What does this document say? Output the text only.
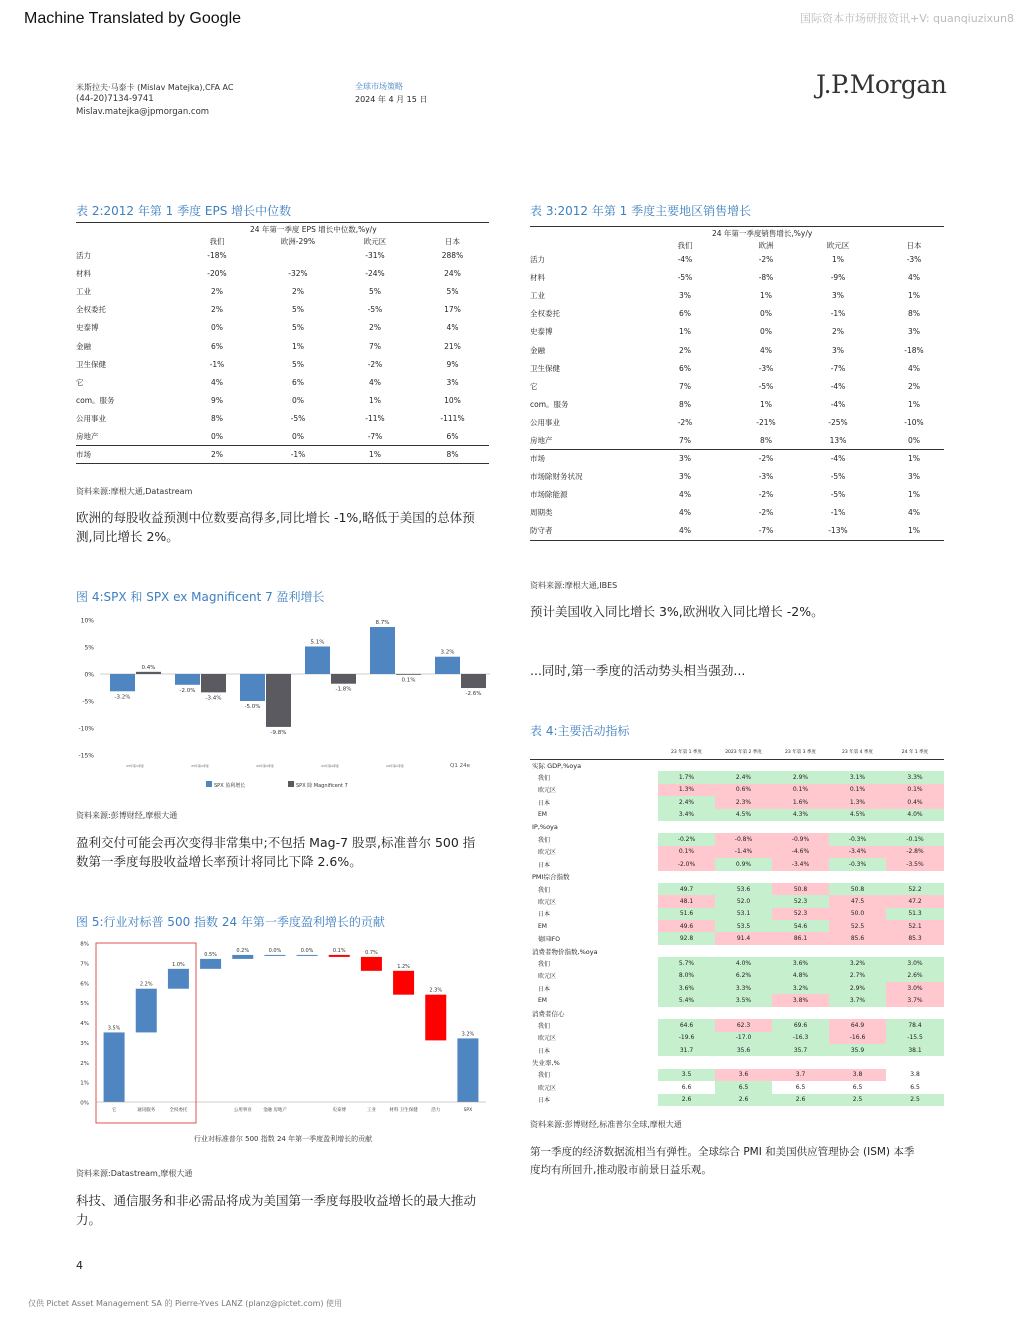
Machine Translated by Google	国际资本市场研报资讯+V: quanqiuzixun8
米斯拉夫·马泰卡 (Mislav Matejka),CFA AC
(44-20)7134-9741
Mislav.matejka@jpmorgan.com
全球市场策略
2024 年 4 月 15 日
J.P.Morgan
表 2:2012 年第 1 季度 EPS 增长中位数
	24 年第一季度 EPS 增长中位数,%y/y			
	我们	欧洲-29%	欧元区	日本
活力	-18%		-31%	288%
材料	-20%	-32%	-24%	24%
工业	2%	2%	5%	5%
全权委托	2%	5%	-5%	17%
史泰博	0%	5%	2%	4%
金融	6%	1%	7%	21%
卫生保健	-1%	5%	-2%	9%
它	4%	6%	4%	3%
com。服务	9%	0%	1%	10%
公用事业	8%	-5%	-11%	-111%
房地产	0%	0%	-7%	6%
市场	2%	-1%	1%	8%
资料来源:摩根大通,Datastream
欧洲的每股收益预测中位数要高得多,同比增长 -1%,略低于美国的总体预测,同比增长 2%。
表 3:2012 年第 1 季度主要地区销售增长
	24 年第一季度销售增长,%y/y			
	我们	欧洲	欧元区	日本
活力	-4%	-2%	1%	-3%
材料	-5%	-8%	-9%	4%
工业	3%	1%	3%	1%
全权委托	6%	0%	-1%	8%
史泰博	1%	0%	2%	3%
金融	2%	4%	3%	-18%
卫生保健	6%	-3%	-7%	4%
它	7%	-5%	-4%	2%
com。服务	8%	1%	-4%	1%
公用事业	-2%	-21%	-25%	-10%
房地产	7%	8%	13%	0%
市场	3%	-2%	-4%	1%
市场除财务状况	3%	-3%	-5%	3%
市场除能源	4%	-2%	-5%	1%
周期类	4%	-2%	-1%	4%
防守者	4%	-7%	-13%	1%
资料来源:摩根大通,IBES
预计美国收入同比增长 3%,欧洲收入同比增长 -2%。
...同时,第一季度的活动势头相当强劲...
图 4:SPX 和 SPX ex Magnificent 7 盈利增长
10%
5%
0%
-5%
-10%
-15%
-3.2%
0.4%
23年第1季度
-2.0%
-3.4%
23年第2季度
-5.0%
-9.8%
23年第3季度
5.1%
-1.8%
23年第4季度
8.7%
0.1%
24年第1季度
3.2%
-2.6%
Q1 24e
SPX 盈利增长	SPX 除 Magnificent 7
资料来源:彭博财经,摩根大通
盈利交付可能会再次变得非常集中;不包括 Mag-7 股票,标准普尔 500 指数第一季度每股收益增长率预计将同比下降 2.6%。
图 5:行业对标普 500 指数 24 年第一季度盈利增长的贡献
8%
7%
6%
5%
4%
3%
2%
1%
0%
3.5%
2.2%
1.0%
0.5%
0.2%	0.0%	0.0%	0.1%	0.7%
1.2%
2.3%
3.2%
它	通讯服务	全权委托	公用事业 金融 房地产	史泰博	工业	材料 卫生保健	活力	SPX
行业对标准普尔 500 指数 24 年第一季度盈利增长的贡献
资料来源:Datastream,摩根大通
科技、通信服务和非必需品将成为美国第一季度每股收益增长的最大推动力。
表 4:主要活动指标
	23 年第 1 季度	2023 年第 2 季度	23 年第 3 季度	23 年第 4 季度	24 年 1 季度
实际 GDP,%oya					
我们	1.7%	2.4%	2.9%	3.1%	3.3%
欧元区	1.3%	0.6%	0.1%	0.1%	0.1%
日本	2.4%	2.3%	1.6%	1.3%	0.4%
EM	3.4%	4.5%	4.3%	4.5%	4.0%
IP,%oya					
我们	-0.2%	-0.8%	-0.9%	-0.3%	-0.1%
欧元区	0.1%	-1.4%	-4.6%	-3.4%	-2.8%
日本	-2.0%	0.9%	-3.4%	-0.3%	-3.5%
PMI综合指数					
我们	49.7	53.6	50.8	50.8	52.2
欧元区	48.1	52.0	52.3	47.5	47.2
日本	51.6	53.1	52.3	50.0	51.3
EM	49.6	53.5	54.6	52.5	52.1
德国IFO	92.8	91.4	86.1	85.6	85.3
消费者物价指数,%oya					
我们	5.7%	4.0%	3.6%	3.2%	3.0%
欧元区	8.0%	6.2%	4.8%	2.7%	2.6%
日本	3.6%	3.3%	3.2%	2.9%	3.0%
EM	5.4%	3.5%	3.8%	3.7%	3.7%
消费者信心					
我们	64.6	62.3	69.6	64.9	78.4
欧元区	-19.6	-17.0	-16.3	-16.6	-15.5
日本	31.7	35.6	35.7	35.9	38.1
失业率,%					
我们	3.5	3.6	3.7	3.8	3.8
欧元区	6.6	6.5	6.5	6.5	6.5
日本	2.6	2.6	2.6	2.5	2.5
资料来源:彭博财经,标准普尔全球,摩根大通
第一季度的经济数据流相当有弹性。全球综合 PMI 和美国供应管理协会 (ISM) 本季度均有所回升,推动股市前景日益乐观。
4
仅供 Pictet Asset Management SA 的 Pierre-Yves LANZ (planz@pictet.com) 使用
